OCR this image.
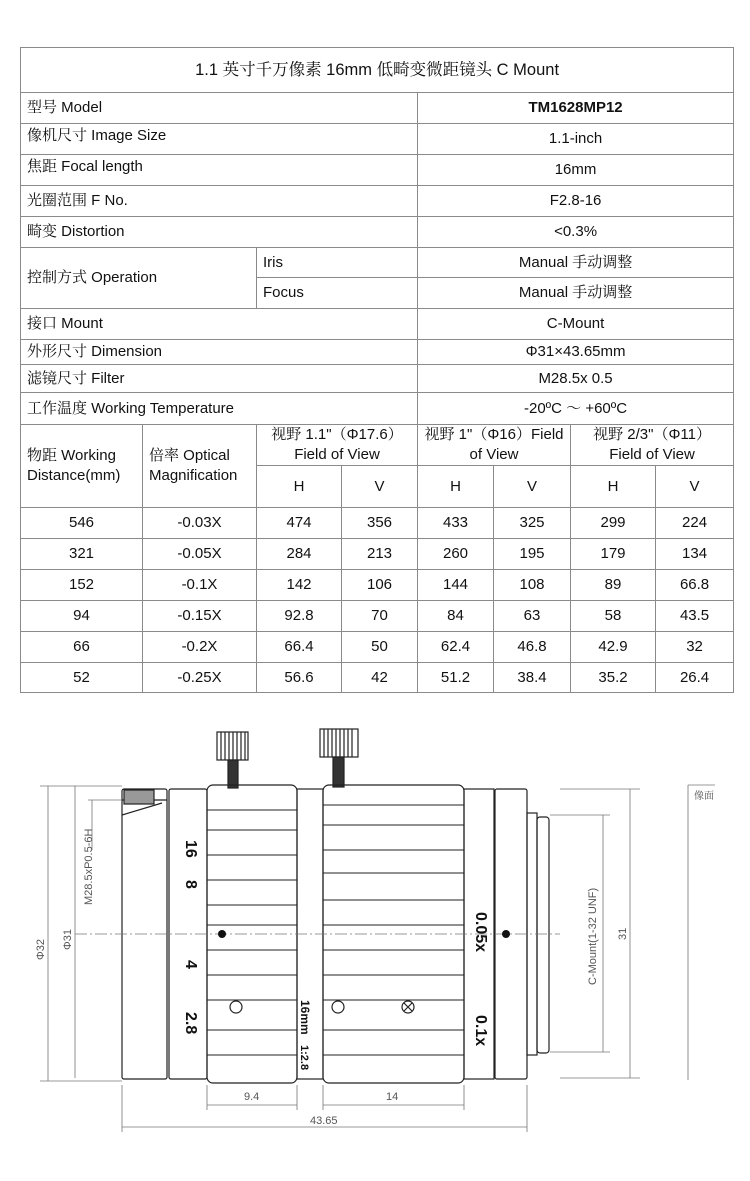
1.1 英寸千万像素 16mm 低畸变微距镜头 C Mount							
型号 Model				TM1628MP12			
像机尺寸 Image Size				1.1-inch			
焦距 Focal length				16mm			
光圈范围 F No.				F2.8-16			
畸变 Distortion				<0.3%			
控制方式 Operation		Iris		Manual 手动调整			
		Focus		Manual 手动调整			
接口 Mount				C-Mount			
外形尺寸 Dimension				Φ31×43.65mm			
滤镜尺寸 Filter				M28.5x 0.5			
工作温度 Working Temperature				-20ºC ～ +60ºC			
物距 Working Distance(mm)	倍率 Optical Magnification	视野 1.1"（Φ17.6） Field of View		视野 1"（Φ16）Field of View		视野 2/3"（Φ11）Field of View	
		H	V	H	V	H	V
546	-0.03X	474	356	433	325	299	224
321	-0.05X	284	213	260	195	179	134
152	-0.1X	142	106	144	108	89	66.8
94	-0.15X	92.8	70	84	63	58	43.5
66	-0.2X	66.4	50	62.4	46.8	42.9	32
52	-0.25X	56.6	42	51.2	38.4	35.2	26.4
Φ32 Φ31
M28.5xP0.5-6H
C-Mount(1-32 UNF) 31
像面
9.4	14
43.65
16
8
4
2.8
0.05x
0.1x
16mm
1:2.8
